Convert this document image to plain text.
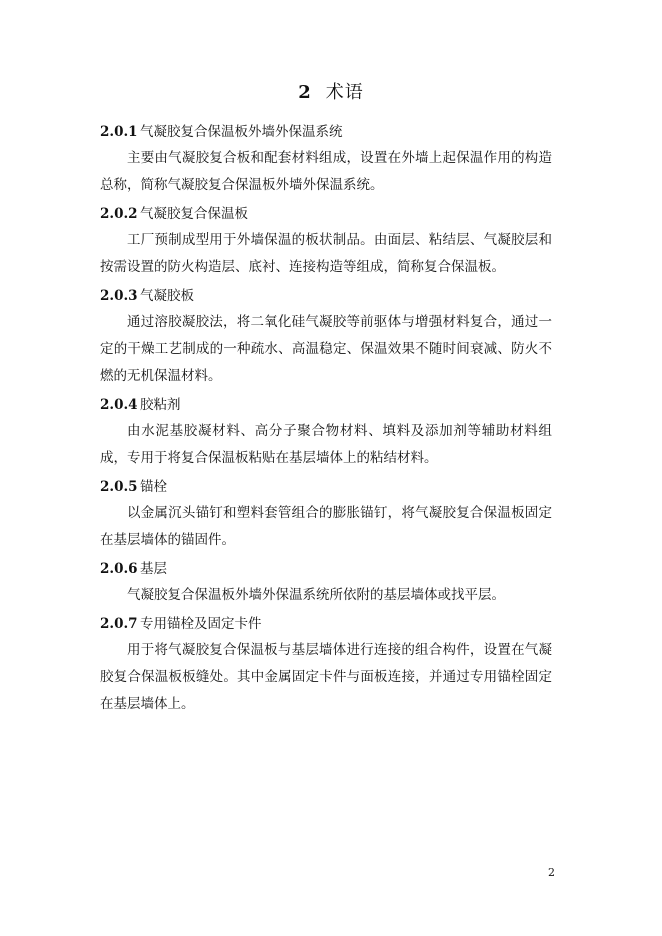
2 术语
2.0.1 气凝胶复合保温板外墙外保温系统

主要由气凝胶复合板和配套材料组成，设置在外墙上起保温作用的构造总称，简称气凝胶复合保温板外墙外保温系统。

2.0.2 气凝胶复合保温板

工厂预制成型用于外墙保温的板状制品。由面层、粘结层、气凝胶层和按需设置的防火构造层、底衬、连接构造等组成，简称复合保温板。

2.0.3 气凝胶板

通过溶胶凝胶法，将二氧化硅气凝胶等前驱体与增强材料复合，通过一定的干燥工艺制成的一种疏水、高温稳定、保温效果不随时间衰减、防火不燃的无机保温材料。

2.0.4 胶粘剂

由水泥基胶凝材料、高分子聚合物材料、填料及添加剂等辅助材料组成，专用于将复合保温板粘贴在基层墙体上的粘结材料。

2.0.5 锚栓

以金属沉头锚钉和塑料套管组合的膨胀锚钉，将气凝胶复合保温板固定在基层墙体的锚固件。

2.0.6 基层

气凝胶复合保温板外墙外保温系统所依附的基层墙体或找平层。

2.0.7 专用锚栓及固定卡件

用于将气凝胶复合保温板与基层墙体进行连接的组合构件，设置在气凝胶复合保温板板缝处。其中金属固定卡件与面板连接，并通过专用锚栓固定在基层墙体上。

2
